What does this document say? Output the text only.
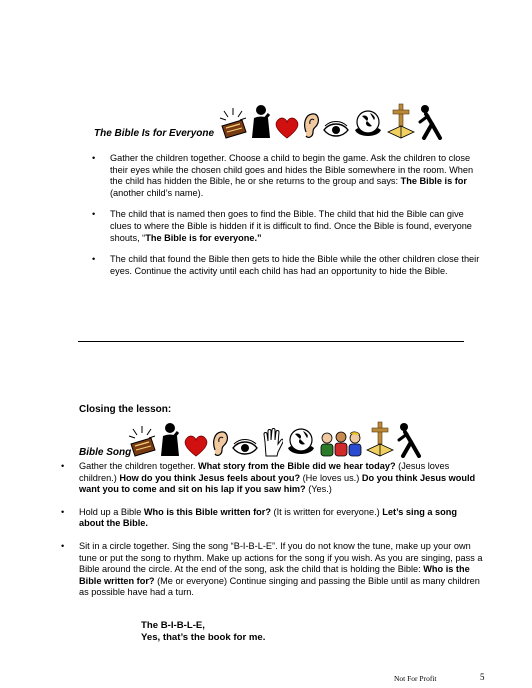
The Bible Is for Everyone
• Gather the children together. Choose a child to begin the game. Ask the children to close their eyes while the chosen child goes and hides the Bible somewhere in the room. When the child has hidden the Bible, he or she returns to the group and says: The Bible is for (another child’s name).
• The child that is named then goes to find the Bible. The child that hid the Bible can give clues to where the Bible is hidden if it is difficult to find. Once the Bible is found, everyone shouts, “The Bible is for everyone.”
• The child that found the Bible then gets to hide the Bible while the other children close their eyes. Continue the activity until each child has had an opportunity to hide the Bible.
Closing the lesson:
Bible Song
• Gather the children together. What story from the Bible did we hear today? (Jesus loves children.) How do you think Jesus feels about you? (He loves us.) Do you think Jesus would want you to come and sit on his lap if you saw him? (Yes.)
• Hold up a Bible Who is this Bible written for? (It is written for everyone.) Let’s sing a song about the Bible.
• Sit in a circle together. Sing the song “B-I-B-L-E”. If you do not know the tune, make up your own tune or put the song to rhythm. Make up actions for the song if you wish. As you are singing, pass a Bible around the circle. At the end of the song, ask the child that is holding the Bible: Who is the Bible written for? (Me or everyone) Continue singing and passing the Bible until as many children as possible have had a turn.
The B-I-B-L-E,
Yes, that’s the book for me.
Not For Profit	5
